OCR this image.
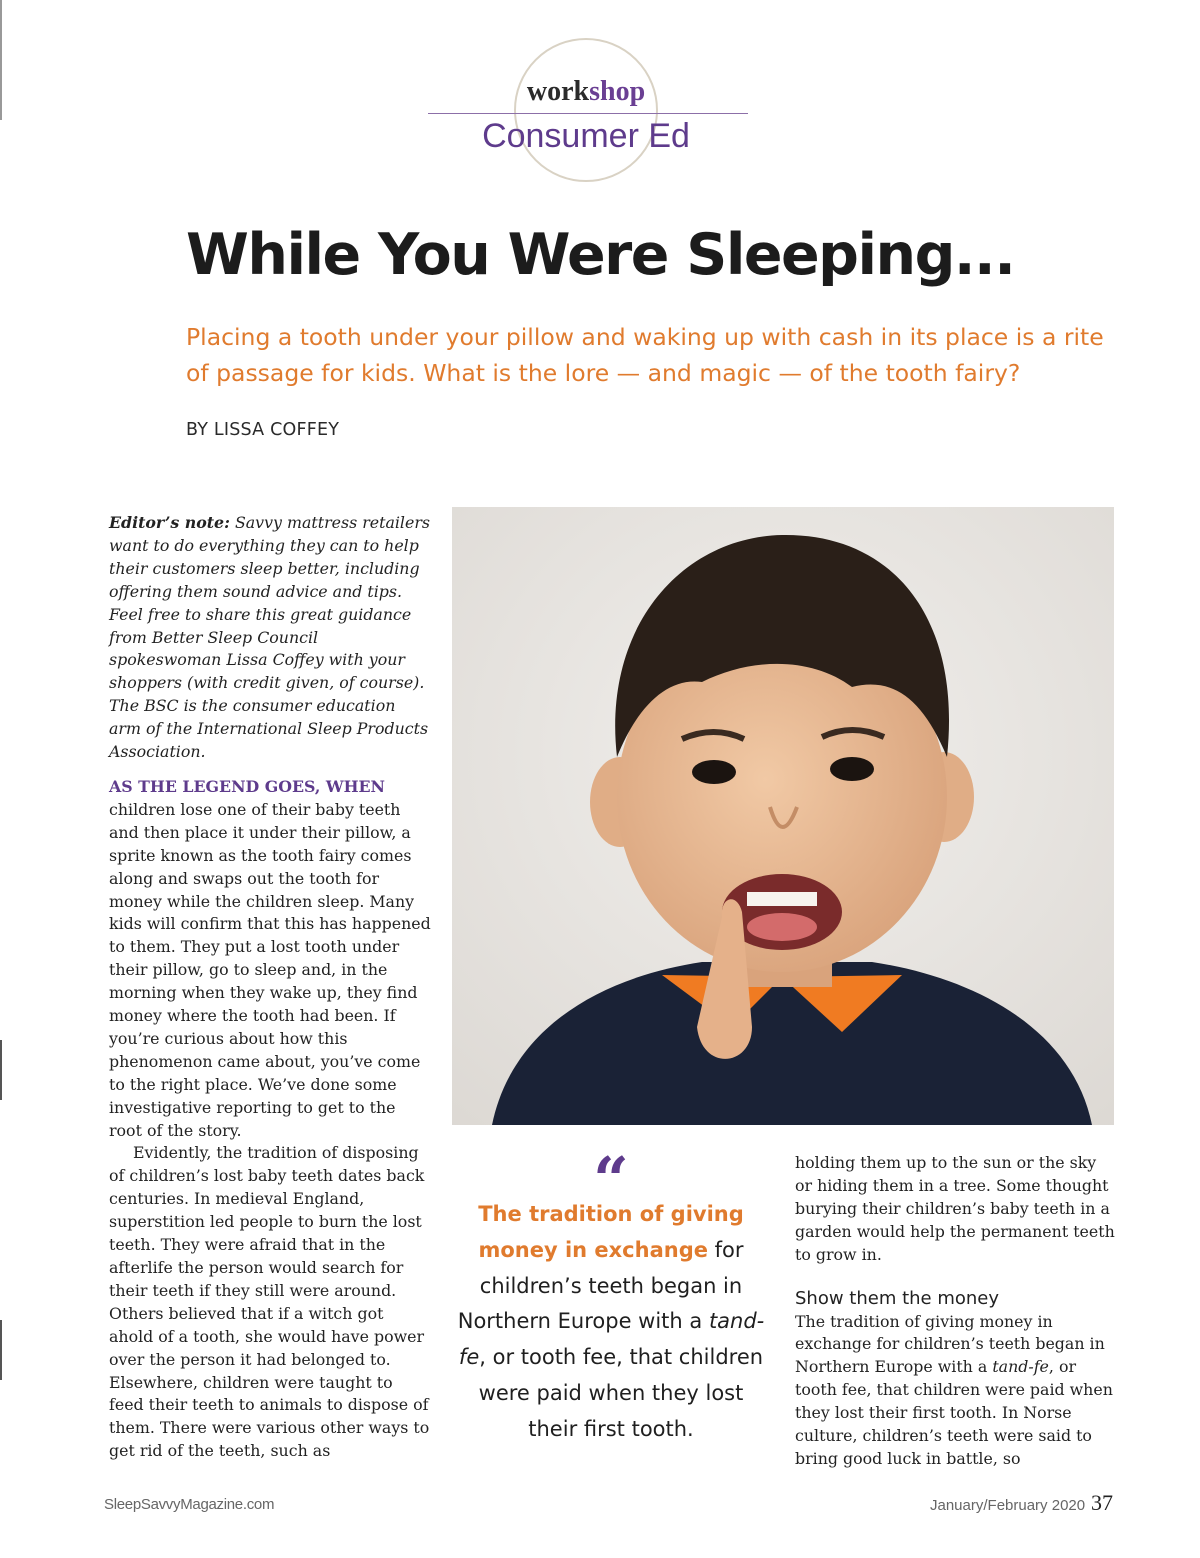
workshop
Consumer Ed
While You Were Sleeping...
Placing a tooth under your pillow and waking up with cash in its place is a rite of passage for kids. What is the lore — and magic — of the tooth fairy?
BY LISSA COFFEY

Editor’s note: Savvy mattress retailers want to do everything they can to help their customers sleep better, including offering them sound advice and tips. Feel free to share this great guidance from Better Sleep Council spokeswoman Lissa Coffey with your shoppers (with credit given, of course). The BSC is the consumer education arm of the International Sleep Products Association.

AS THE LEGEND GOES, WHEN children lose one of their baby teeth and then place it under their pillow, a sprite known as the tooth fairy comes along and swaps out the tooth for money while the children sleep. Many kids will confirm that this has happened to them. They put a lost tooth under their pillow, go to sleep and, in the morning when they wake up, they find money where the tooth had been. If you’re curious about how this phenomenon came about, you’ve come to the right place. We’ve done some investigative reporting to get to the root of the story.

Evidently, the tradition of disposing of children’s lost baby teeth dates back centuries. In medieval England, superstition led people to burn the lost teeth. They were afraid that in the afterlife the person would search for their teeth if they still were around. Others believed that if a witch got ahold of a tooth, she would have power over the person it had belonged to. Elsewhere, children were taught to feed their teeth to animals to dispose of them. There were various other ways to get rid of the teeth, such as

“
The tradition of giving money in exchange for children’s teeth began in Northern Europe with a tand-fe, or tooth fee, that children were paid when they lost their first tooth.

holding them up to the sun or the sky or hiding them in a tree. Some thought burying their children’s baby teeth in a garden would help the permanent teeth to grow in.

Show them the money

The tradition of giving money in exchange for children’s teeth began in Northern Europe with a tand-fe, or tooth fee, that children were paid when they lost their first tooth. In Norse culture, children’s teeth were said to bring good luck in battle, so

SleepSavvyMagazine.com	January/February 2020 37
